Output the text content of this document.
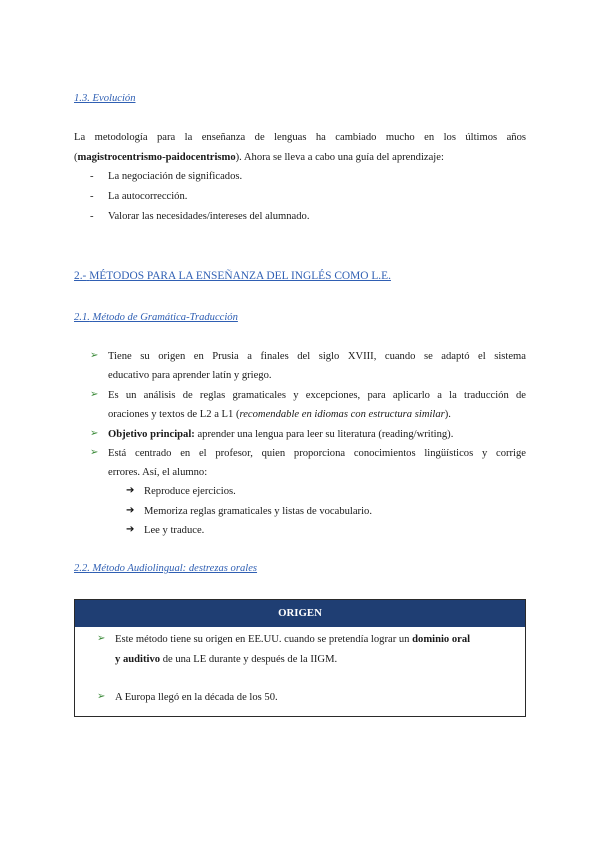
1.3. Evolución
La metodología para la enseñanza de lenguas ha cambiado mucho en los últimos años
(magistrocentrismo-paidocentrismo). Ahora se lleva a cabo una guía del aprendizaje:
- La negociación de significados.
- La autocorrección.
- Valorar las necesidades/intereses del alumnado.
2.- MÉTODOS PARA LA ENSEÑANZA DEL INGLÉS COMO L.E.
2.1. Método de Gramática-Traducción
➢ Tiene su origen en Prusia a finales del siglo XVIII, cuando se adaptó el sistema
educativo para aprender latín y griego.
➢ Es un análisis de reglas gramaticales y excepciones, para aplicarlo a la traducción de
oraciones y textos de L2 a L1 (recomendable en idiomas con estructura similar).
➢ Objetivo principal: aprender una lengua para leer su literatura (reading/writing).
➢ Está centrado en el profesor, quien proporciona conocimientos lingüísticos y corrige
errores. Así, el alumno:
➔ Reproduce ejercicios.
➔ Memoriza reglas gramaticales y listas de vocabulario.
➔ Lee y traduce.
2.2. Método Audiolingual: destrezas orales
ORIGEN
➢ Este método tiene su origen en EE.UU. cuando se pretendía lograr un dominio oral
y auditivo de una LE durante y después de la IIGM.
➢ A Europa llegó en la década de los 50.
